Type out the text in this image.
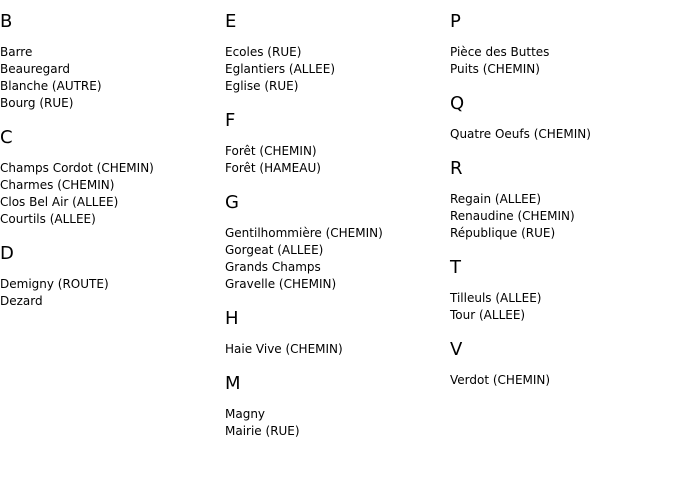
B
Barre
Beauregard
Blanche (AUTRE)
Bourg (RUE)
C
Champs Cordot (CHEMIN)
Charmes (CHEMIN)
Clos Bel Air (ALLEE)
Courtils (ALLEE)
D
Demigny (ROUTE)
Dezard
E
Ecoles (RUE)
Eglantiers (ALLEE)
Eglise (RUE)
F
Forêt (CHEMIN)
Forêt (HAMEAU)
G
Gentilhommière (CHEMIN)
Gorgeat (ALLEE)
Grands Champs
Gravelle (CHEMIN)
H
Haie Vive (CHEMIN)
M
Magny
Mairie (RUE)
P
Pièce des Buttes
Puits (CHEMIN)
Q
Quatre Oeufs (CHEMIN)
R
Regain (ALLEE)
Renaudine (CHEMIN)
République (RUE)
T
Tilleuls (ALLEE)
Tour (ALLEE)
V
Verdot (CHEMIN)
